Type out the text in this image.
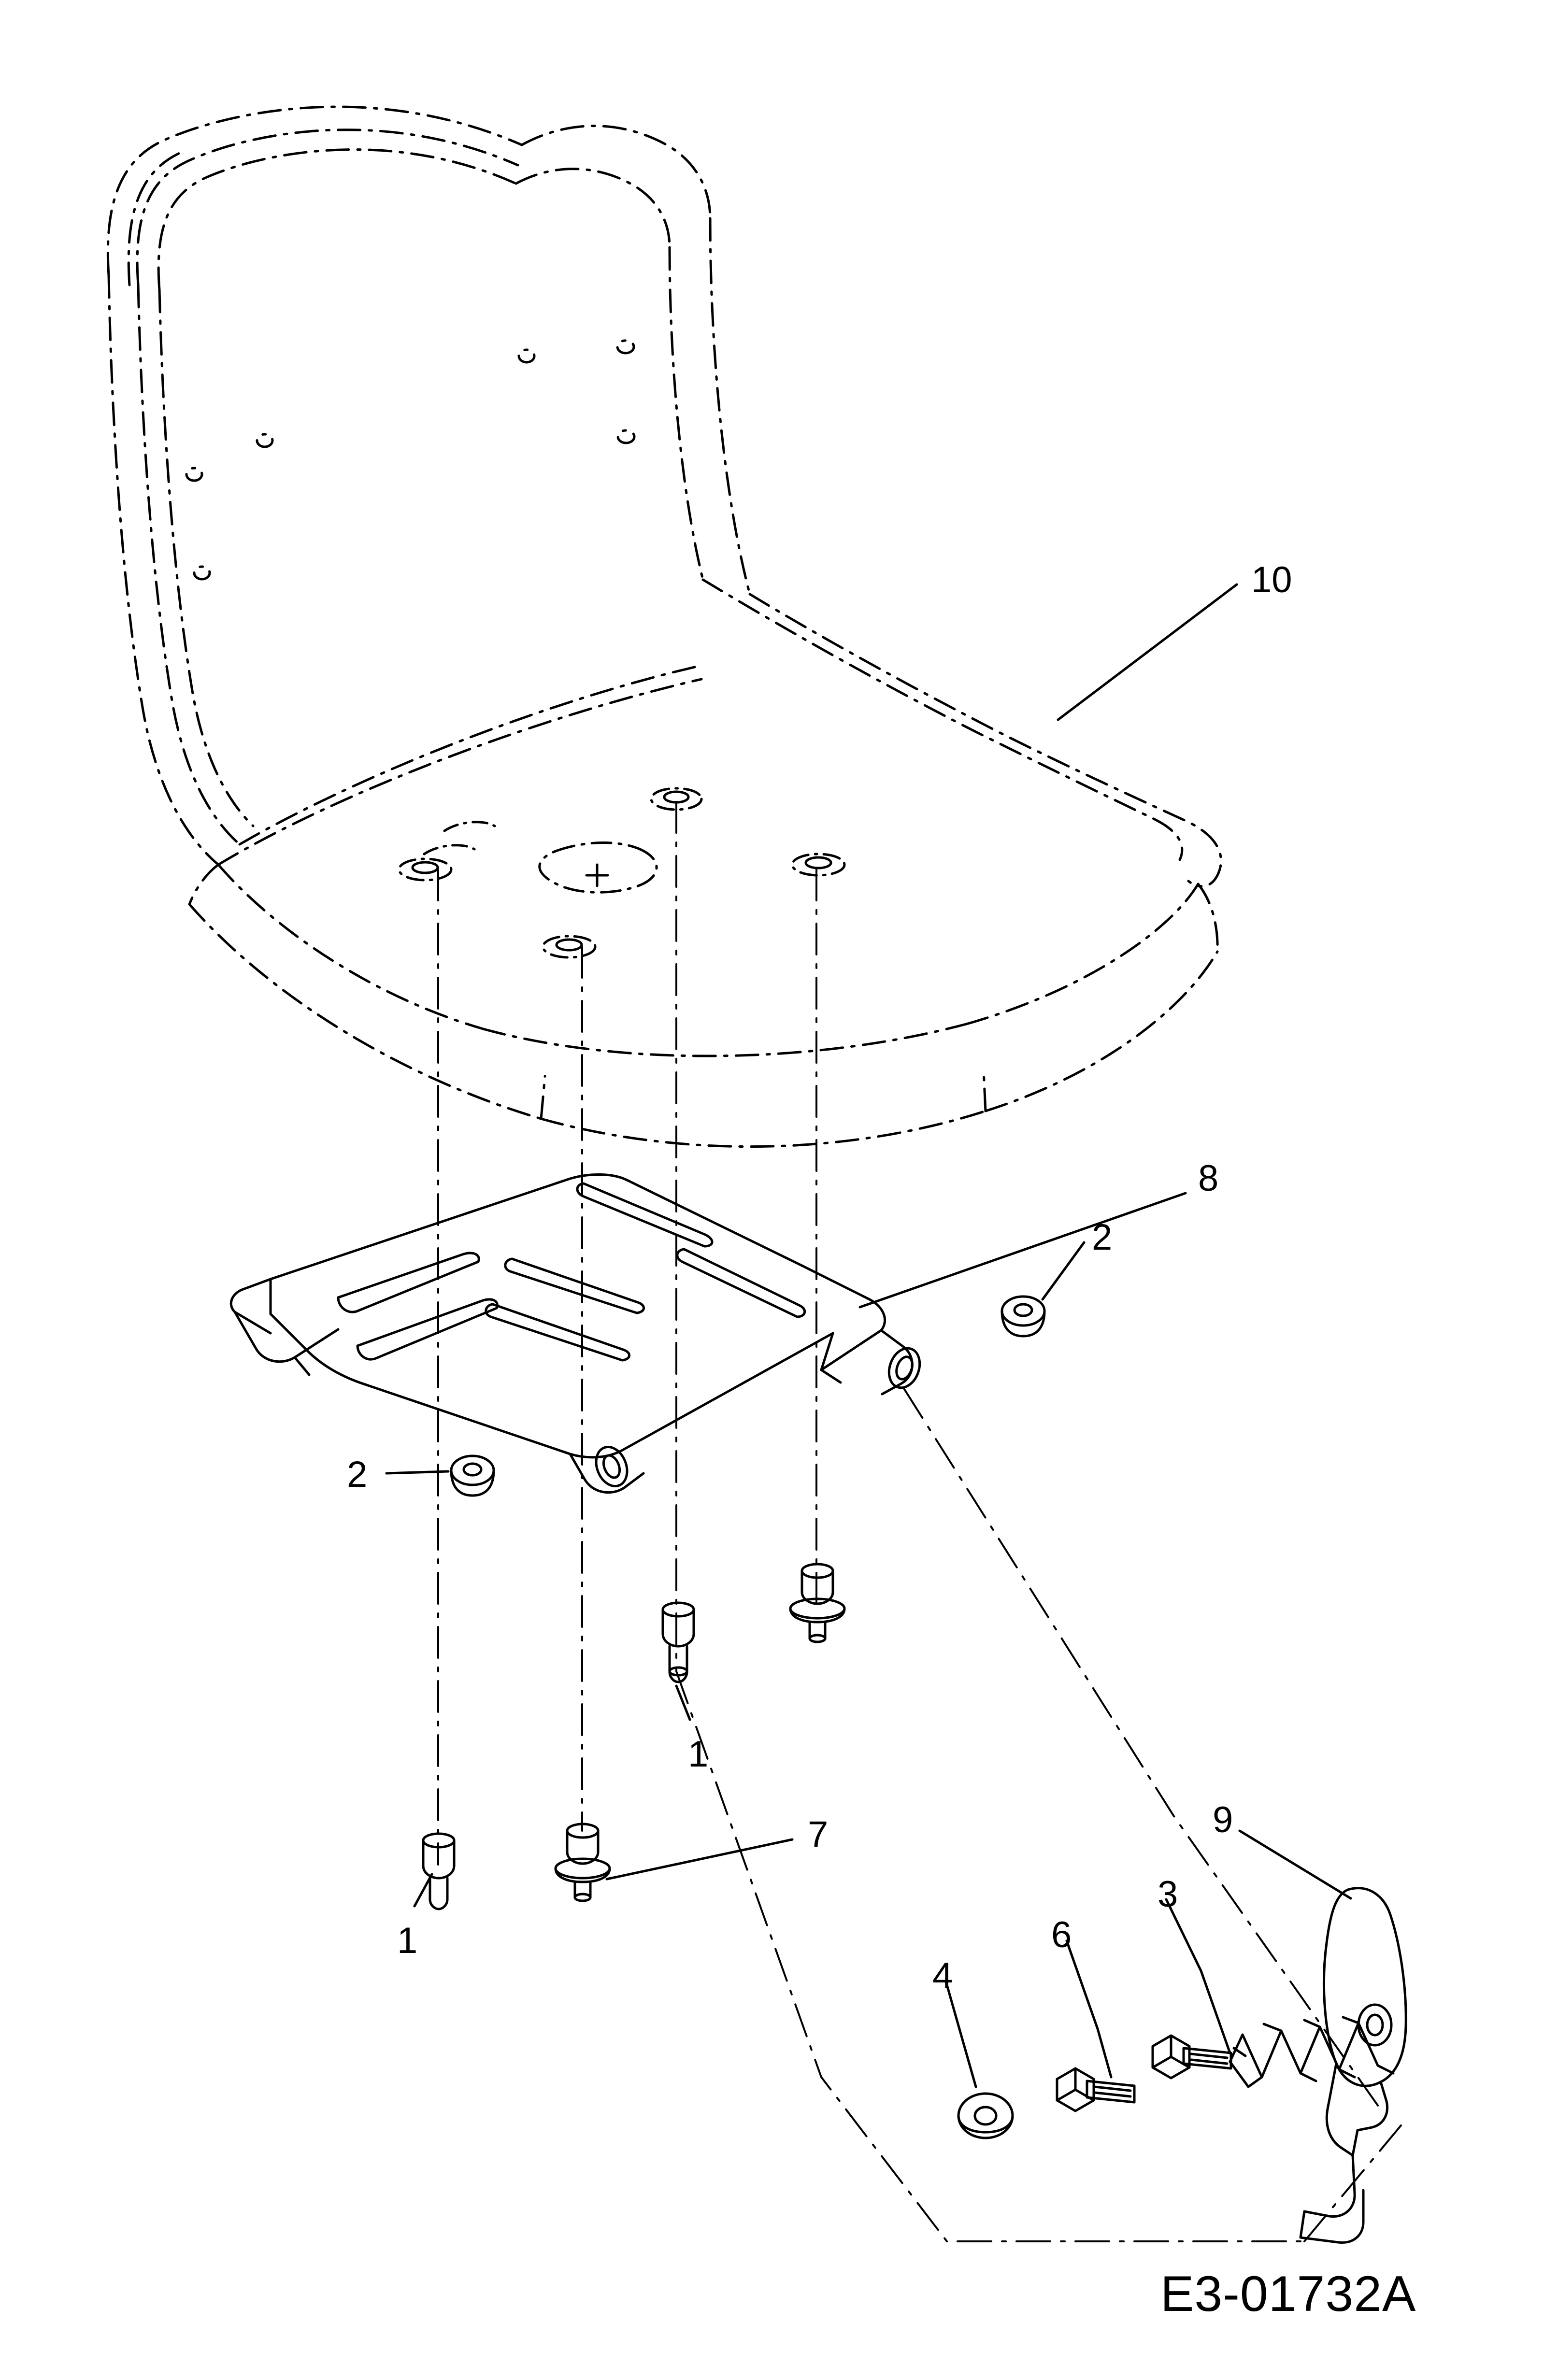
10
8
2
2
1
1
7	9
3
6
4
E3-01732A
